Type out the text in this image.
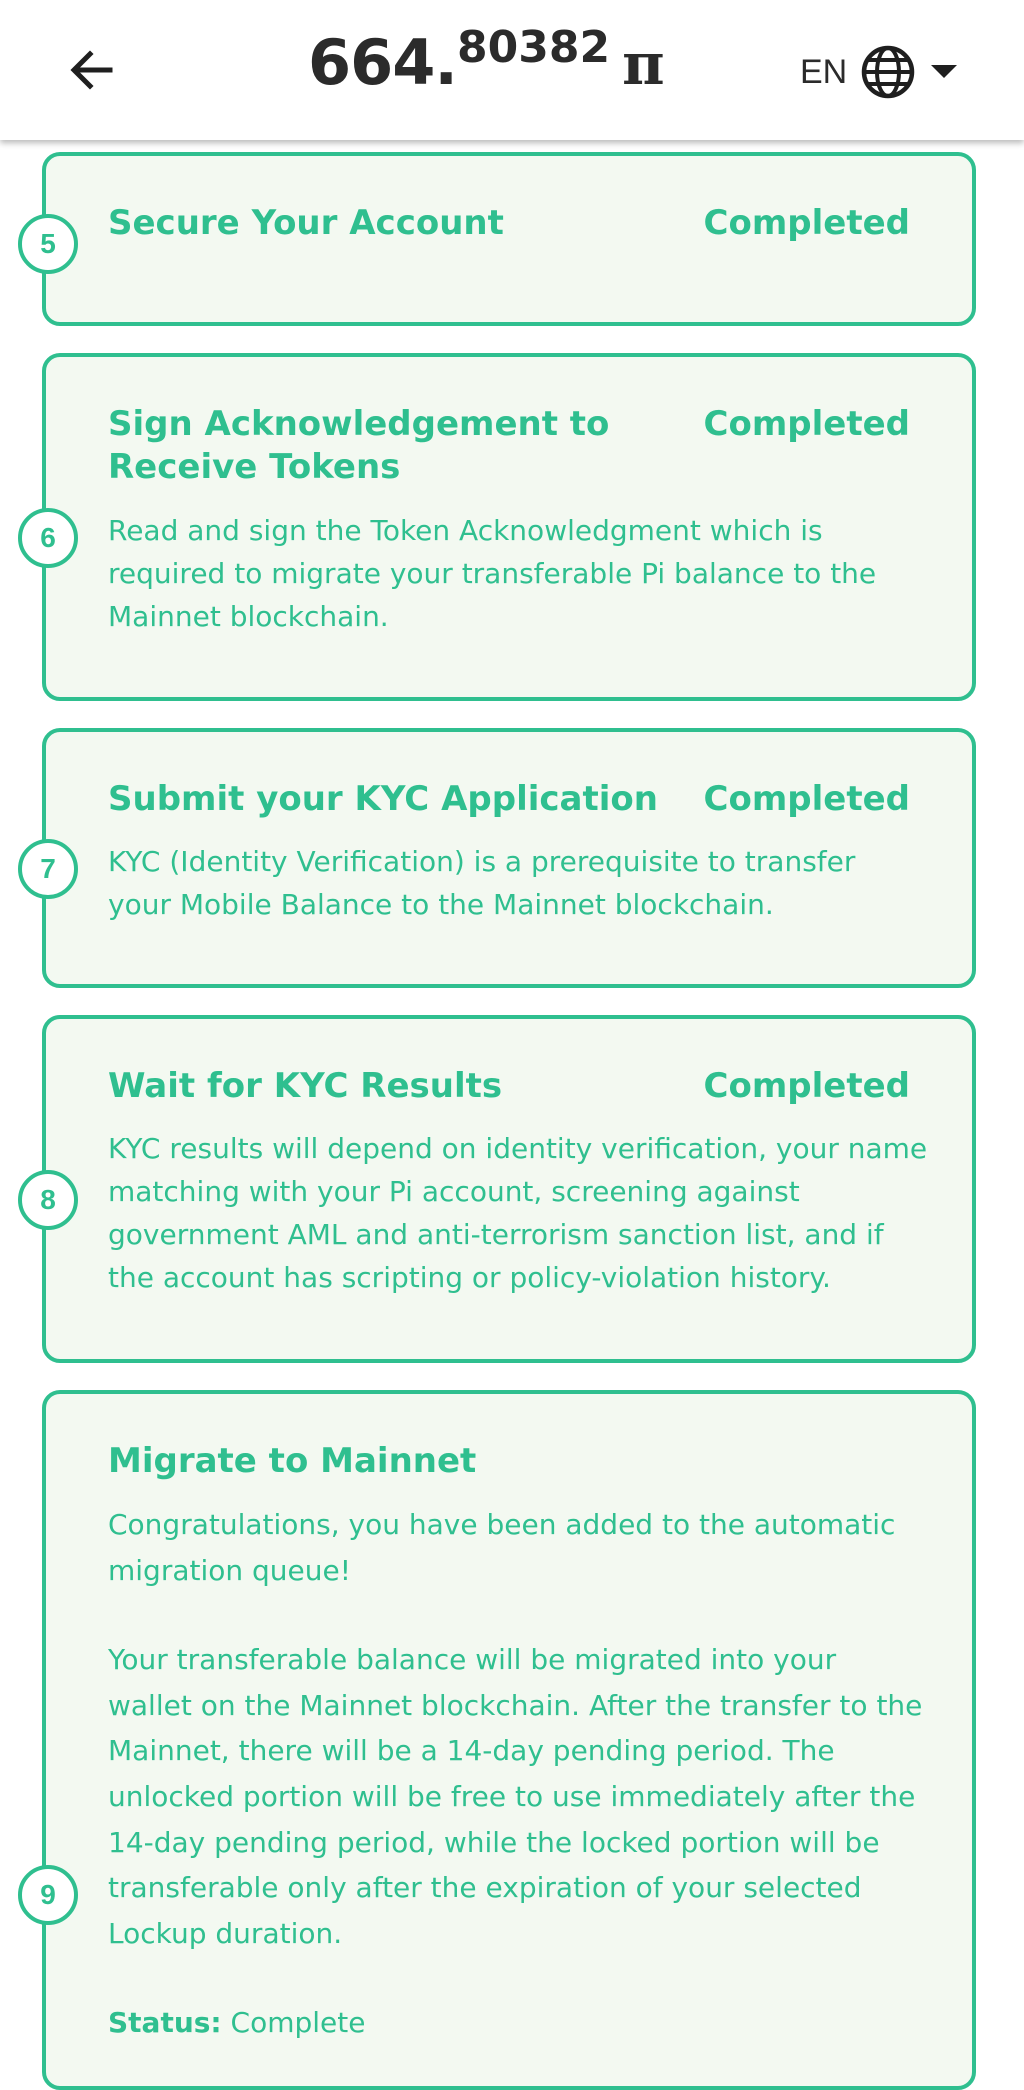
664.80382 π	EN
5
Secure Your Account	Completed
6
Sign Acknowledgement to Receive Tokens
Completed
Read and sign the Token Acknowledgment which is required to migrate your transferable Pi balance to the Mainnet blockchain.
7
Submit your KYC Application	Completed
KYC (Identity Verification) is a prerequisite to transfer your Mobile Balance to the Mainnet blockchain.
8
Wait for KYC Results	Completed
KYC results will depend on identity verification, your name matching with your Pi account, screening against government AML and anti-terrorism sanction list, and if the account has scripting or policy-violation history.
9
Migrate to Mainnet

Congratulations, you have been added to the automatic migration queue!

Your transferable balance will be migrated into your wallet on the Mainnet blockchain. After the transfer to the Mainnet, there will be a 14-day pending period. The unlocked portion will be free to use immediately after the 14-day pending period, while the locked portion will be transferable only after the expiration of your selected Lockup duration.

Status: Complete
